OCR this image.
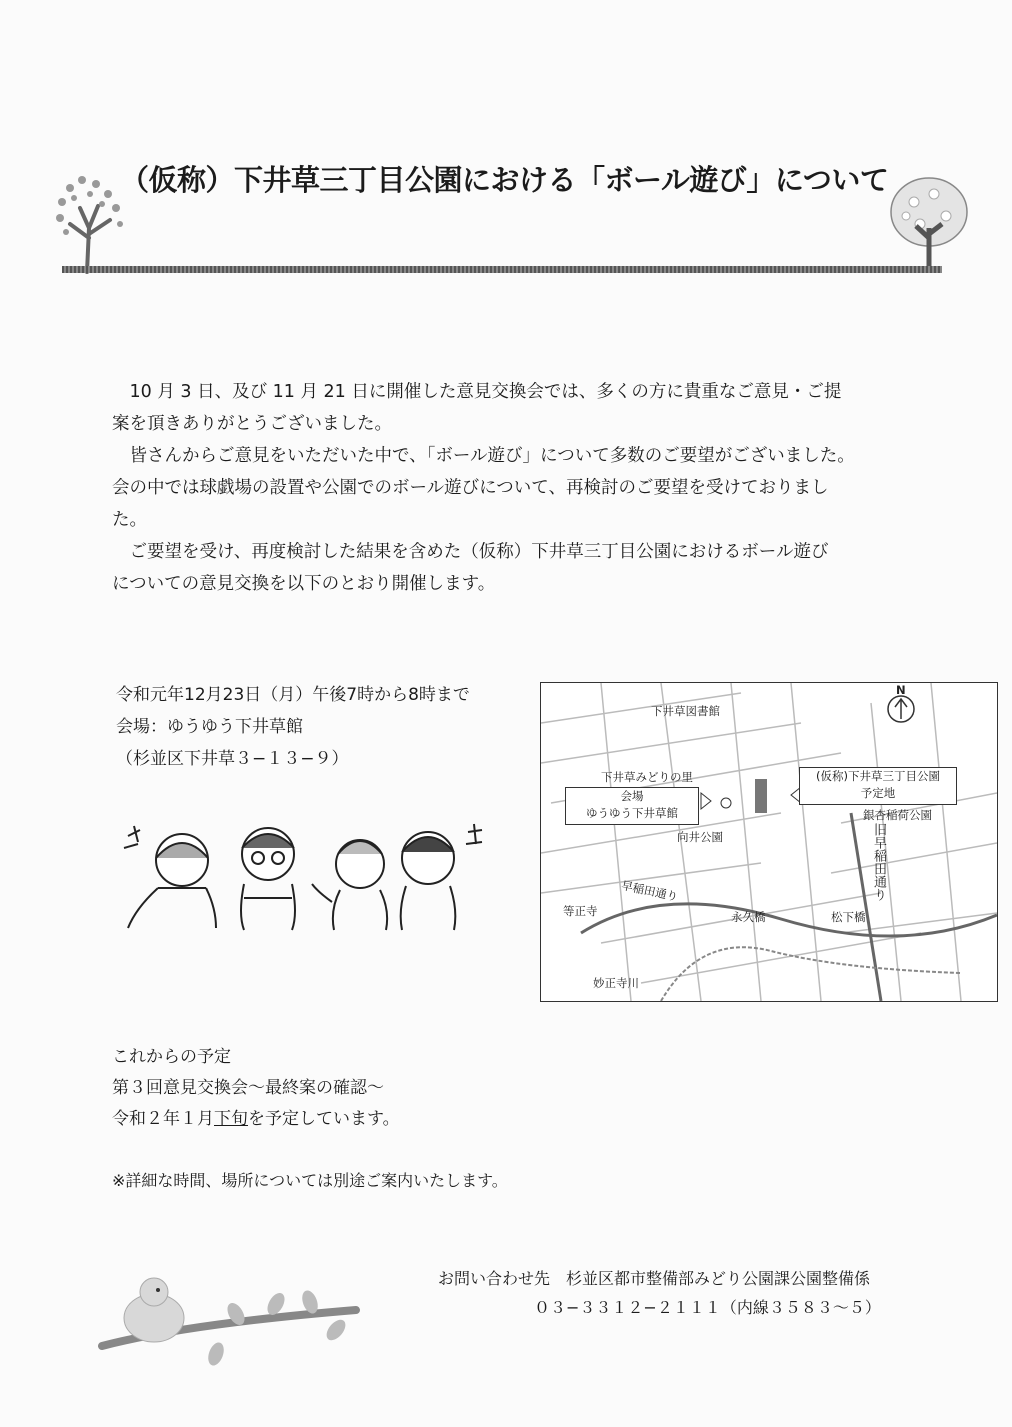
（仮称）下井草三丁目公園における「ボール遊び」について
　10 月 3 日、及び 11 月 21 日に開催した意見交換会では、多くの方に貴重なご意見・ご提
案を頂きありがとうございました。
　皆さんからご意見をいただいた中で、「ボール遊び」について多数のご要望がございました。
会の中では球戯場の設置や公園でのボール遊びについて、再検討のご要望を受けておりまし
た。
　ご要望を受け、再度検討した結果を含めた（仮称）下井草三丁目公園におけるボール遊び
についての意見交換を以下のとおり開催します。
令和元年12月23日（月）午後7時から8時まで
会場：ゆうゆう下井草館
（杉並区下井草３−１３−９）
N
下井草図書館
下井草みどりの里
会場
ゆうゆう下井草館
(仮称)下井草三丁目公園
予定地
銀杏稲荷公園
向井公園	旧早稲田通り
早稲田通り
等正寺	永久橋	松下橋
妙正寺川
これからの予定
第３回意見交換会〜最終案の確認〜
令和２年１月下旬を予定しています。
※詳細な時間、場所については別途ご案内いたします。
お問い合わせ先　杉並区都市整備部みどり公園課公園整備係
０３−３３１２−２１１１（内線３５８３〜５）
